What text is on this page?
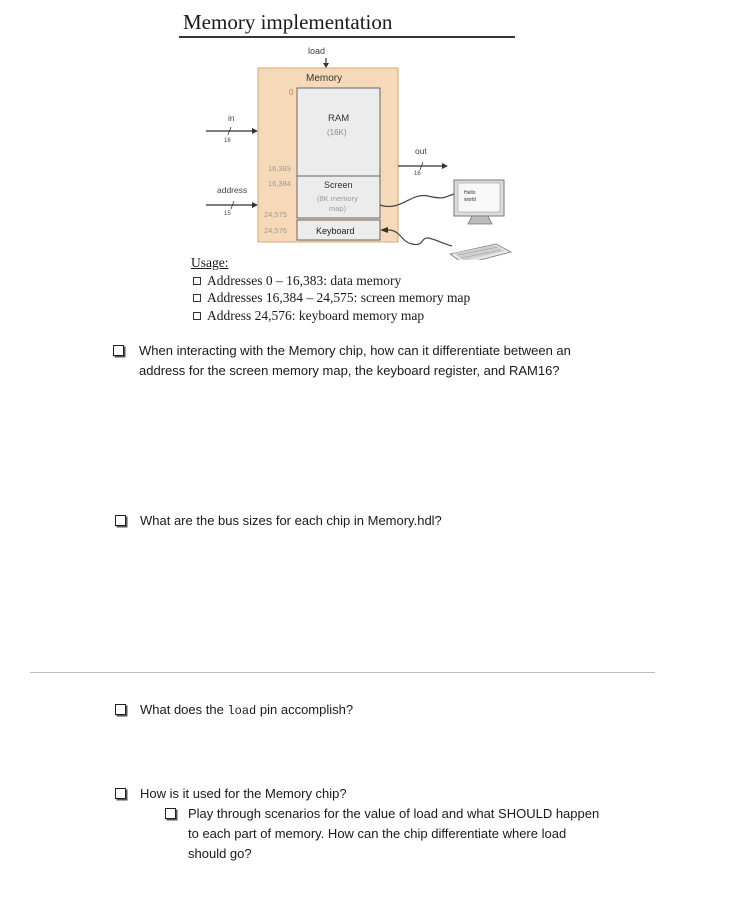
Memory implementation
load
Memory
0
RAM
(16K)
Screen
(8K memory
map)
Keyboard
16,383
16,384
24,575
24,576
in
16
address
15
out
16
Hello
world
Usage:
Addresses 0 – 16,383: data memory
Addresses 16,384 – 24,575: screen memory map
Address 24,576: keyboard memory map
When interacting with the Memory chip, how can it differentiate between an
address for the screen memory map, the keyboard register, and RAM16?
What are the bus sizes for each chip in Memory.hdl?
What does the load pin accomplish?
How is it used for the Memory chip?
Play through scenarios for the value of load and what SHOULD happen
to each part of memory. How can the chip differentiate where load
should go?
